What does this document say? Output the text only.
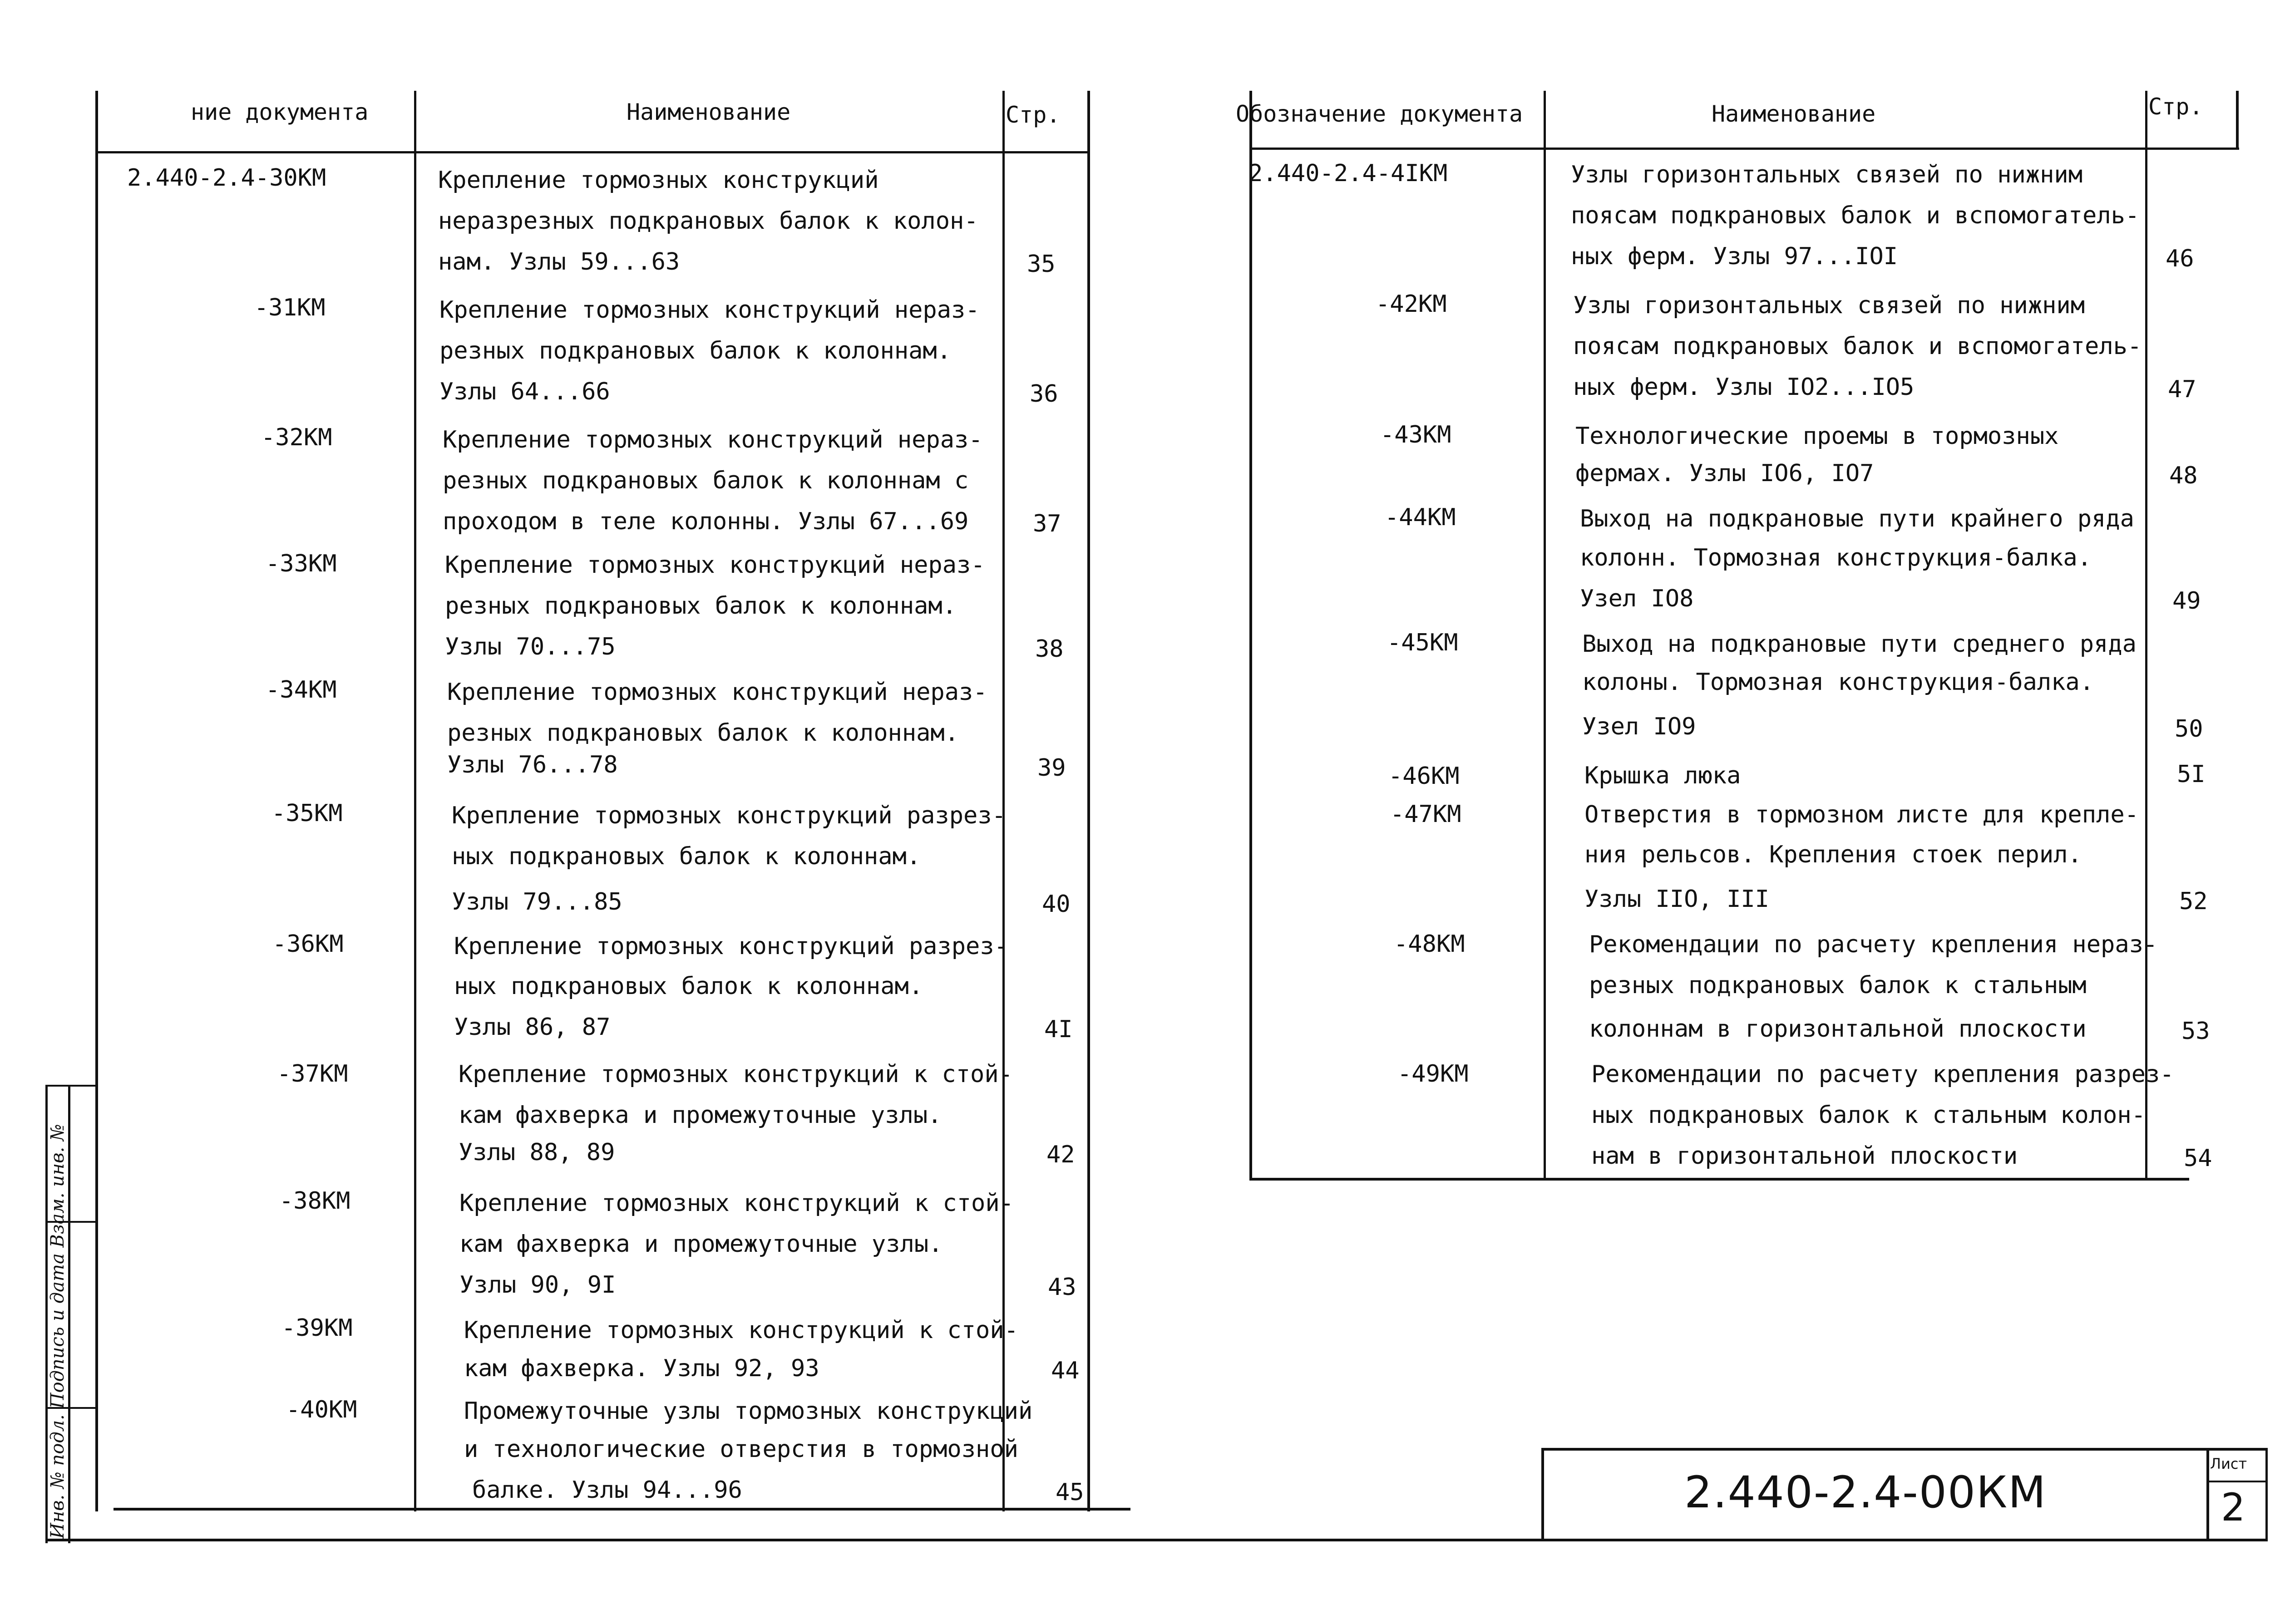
2.440-2.4-00КМ
Лист
2
Инв. № подл. Подпись и дата Взам. инв. №
ние документа	Наименование	Стр.	Обозначение документа	Наименование	Стр.
2.440-2.4-30КМ	Крепление тормозных конструкций
неразрезных подкрановых балок к колон-
нам. Узлы 59...63	35
-31КМ	Крепление тормозных конструкций нераз-
резных подкрановых балок к колоннам.
Узлы 64...66	36
-32КМ	Крепление тормозных конструкций нераз-
резных подкрановых балок к колоннам с
проходом в теле колонны. Узлы 67...69	37
-33КМ	Крепление тормозных конструкций нераз-
резных подкрановых балок к колоннам.
Узлы 70...75	38
-34КМ	Крепление тормозных конструкций нераз-
резных подкрановых балок к колоннам.
Узлы 76...78	39
-35КМ	Крепление тормозных конструкций разрез-
ных подкрановых балок к колоннам.
Узлы 79...85	40
-36КМ	Крепление тормозных конструкций разрез-
ных подкрановых балок к колоннам.
Узлы 86, 87	4I
-37КМ	Крепление тормозных конструкций к стой-
кам фахверка и промежуточные узлы.
Узлы 88, 89	42
-38КМ	Крепление тормозных конструкций к стой-
кам фахверка и промежуточные узлы.
Узлы 90, 9I	43
-39КМ	Крепление тормозных конструкций к стой-
кам фахверка. Узлы 92, 93	44
-40КМ	Промежуточные узлы тормозных конструкций
и технологические отверстия в тормозной
балке. Узлы 94...96	45
2.440-2.4-4IКМ	Узлы горизонтальных связей по нижним
поясам подкрановых балок и вспомогатель-
ных ферм. Узлы 97...IOI	46
-42КМ	Узлы горизонтальных связей по нижним
поясам подкрановых балок и вспомогатель-
ных ферм. Узлы IO2...IO5	47
-43КМ	Технологические проемы в тормозных
фермах. Узлы IO6, IO7	48
-44КМ	Выход на подкрановые пути крайнего ряда
колонн. Тормозная конструкция-балка.
Узел IO8	49
-45КМ	Выход на подкрановые пути среднего ряда
колоны. Тормозная конструкция-балка.
Узел IO9	50
-46КМ	Крышка люка	5I
-47КМ	Отверстия в тормозном листе для крепле-
ния рельсов. Крепления стоек перил.
Узлы IIO, III	52
-48КМ	Рекомендации по расчету крепления нераз-
резных подкрановых балок к стальным
колоннам в горизонтальной плоскости	53
-49КМ	Рекомендации по расчету крепления разрез-
ных подкрановых балок к стальным колон-
нам в горизонтальной плоскости	54
